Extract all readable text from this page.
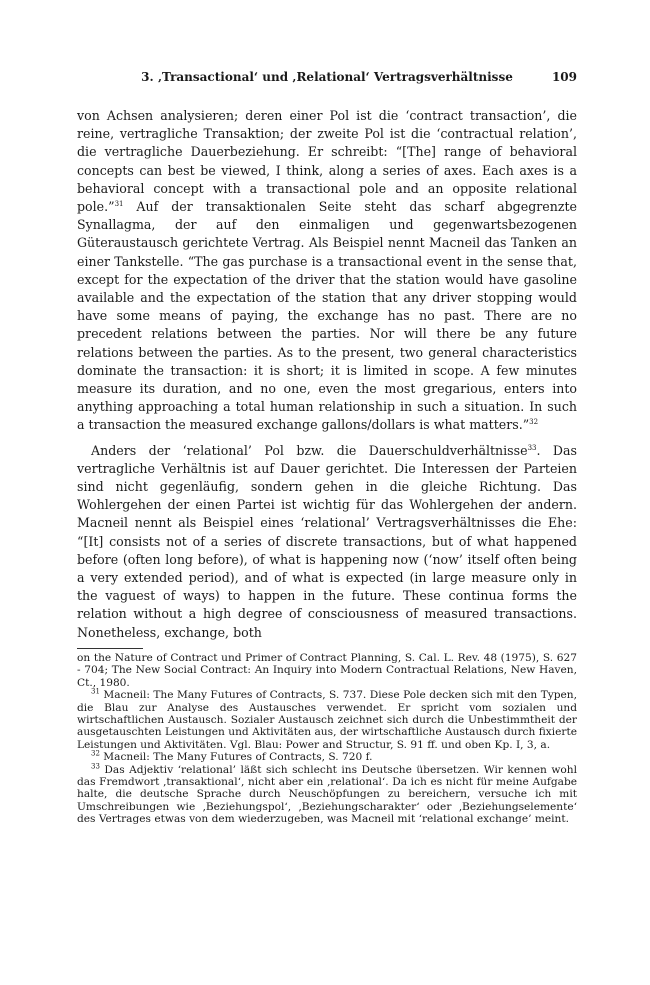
3. ‚Transactional‘ und ‚Relational‘ Vertragsverhältnisse	109

von Achsen analysieren; deren einer Pol ist die ‘contract transaction’, die reine, vertragliche Transaktion; der zweite Pol ist die ‘contractual relation’, die vertragliche Dauerbeziehung. Er schreibt: “[The] range of behavioral concepts can best be viewed, I think, along a series of axes. Each axes is a behavioral concept with a transactional pole and an opposite relational pole.”$^{31}$ Auf der transaktionalen Seite steht das scharf abgegrenzte Synallagma, der auf den einmaligen und gegenwartsbezogenen Güteraustausch gerichtete Vertrag. Als Beispiel nennt Macneil das Tanken an einer Tankstelle. “The gas purchase is a transactional event in the sense that, except for the expectation of the driver that the station would have gasoline available and the expectation of the station that any driver stopping would have some means of paying, the exchange has no past. There are no precedent relations between the parties. Nor will there be any future relations between the parties. As to the present, two general characteristics dominate the transaction: it is short; it is limited in scope. A few minutes measure its duration, and no one, even the most gregarious, enters into anything approaching a total human relationship in such a situation. In such a transaction the measured exchange gallons/dollars is what matters.”$^{32}$

Anders der ‘relational’ Pol bzw. die Dauerschuldverhältnisse$^{33}$. Das vertragliche Verhältnis ist auf Dauer gerichtet. Die Interessen der Parteien sind nicht gegenläufig, sondern gehen in die gleiche Richtung. Das Wohlergehen der einen Partei ist wichtig für das Wohlergehen der andern. Macneil nennt als Beispiel eines ‘relational’ Vertragsverhältnisses die Ehe: “[It] consists not of a series of discrete transactions, but of what happened before (often long before), of what is happening now (‘now’ itself often being a very extended period), and of what is expected (in large measure only in the vaguest of ways) to happen in the future. These continua forms the relation without a high degree of consciousness of measured transactions. Nonetheless, exchange, both

on the Nature of Contract und Primer of Contract Planning, S. Cal. L. Rev. 48 (1975), S. 627 - 704; The New Social Contract: An Inquiry into Modern Contractual Relations, New Haven, Ct., 1980.

$^{31}$ Macneil: The Many Futures of Contracts, S. 737. Diese Pole decken sich mit den Typen, die Blau zur Analyse des Austausches verwendet. Er spricht vom sozialen und wirtschaftlichen Austausch. Sozialer Austausch zeichnet sich durch die Unbestimmtheit der ausgetauschten Leistungen und Aktivitäten aus, der wirtschaftliche Austausch durch fixierte Leistungen und Aktivitäten. Vgl. Blau: Power and Structur, S. 91 ff. und oben Kp. I, 3, a.

$^{32}$ Macneil: The Many Futures of Contracts, S. 720 f.

$^{33}$ Das Adjektiv ‘relational’ läßt sich schlecht ins Deutsche übersetzen. Wir kennen wohl das Fremdwort ‚transaktional‘, nicht aber ein ‚relational‘. Da ich es nicht für meine Aufgabe halte, die deutsche Sprache durch Neuschöpfungen zu bereichern, versuche ich mit Umschreibungen wie ‚Beziehungspol‘, ‚Beziehungscharakter‘ oder ‚Beziehungselemente‘ des Vertrages etwas von dem wiederzugeben, was Macneil mit ‘relational exchange’ meint.
